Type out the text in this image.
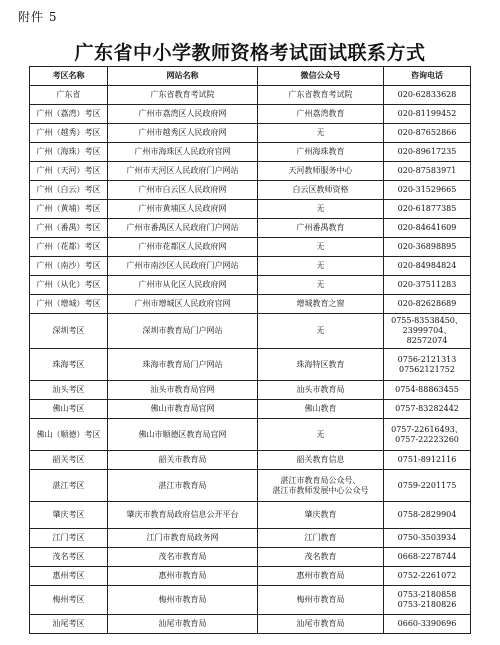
附件 5
广东省中小学教师资格考试面试联系方式
考区名称	网站名称	微信公众号	咨询电话
广东省	广东省教育考试院	广东省教育考试院	020-62833628

广州（荔湾）考区	广州市荔湾区人民政府网	广州荔湾教育	020-81199452

广州（越秀）考区	广州市越秀区人民政府网	无	020-87652866

广州（海珠）考区	广州市海珠区人民政府官网	广州海珠教育	020-89617235

广州（天河）考区	广州市天河区人民政府门户网站	天河教师服务中心	020-87583971

广州（白云）考区	广州市白云区人民政府网	白云区教师资格	020-31529665

广州（黄埔）考区	广州市黄埔区人民政府网	无	020-61877385

广州（番禺）考区	广州市番禺区人民政府门户网站	广州番禺教育	020-84641609

广州（花都）考区	广州市花都区人民政府网	无	020-36898895

广州（南沙）考区	广州市南沙区人民政府门户网站	无	020-84984824

广州（从化）考区	广州市从化区人民政府网	无	020-37511283

广州（增城）考区	广州市增城区人民政府官网	增城教育之窗	020-82628689

深圳考区	深圳市教育局门户网站	无	0755-83538450、
23999704、82572074

珠海考区	珠海市教育局门户网站	珠海特区教育	0756-2121313
07562121752

汕头考区	汕头市教育局官网	汕头市教育局	0754-88863455

佛山考区	佛山市教育局官网	佛山教育	0757-83282442

佛山（顺德）考区	佛山市顺德区教育局官网	无	0757-22616493、
0757-22223260

韶关考区	韶关市教育局	韶关教育信息	0751-8912116

湛江考区	湛江市教育局	湛江市教育局公众号、
湛江市教师发展中心公众号	0759-2201175

肇庆考区	肇庆市教育局政府信息公开平台	肇庆教育	0758-2829904

江门考区	江门市教育局政务网	江门教育	0750-3503934

茂名考区	茂名市教育局	茂名教育	0668-2278744

惠州考区	惠州市教育局	惠州市教育局	0752-2261072

梅州考区	梅州市教育局	梅州市教育局	0753-2180858
0753-2180826

汕尾考区	汕尾市教育局	汕尾市教育局	0660-3390696
